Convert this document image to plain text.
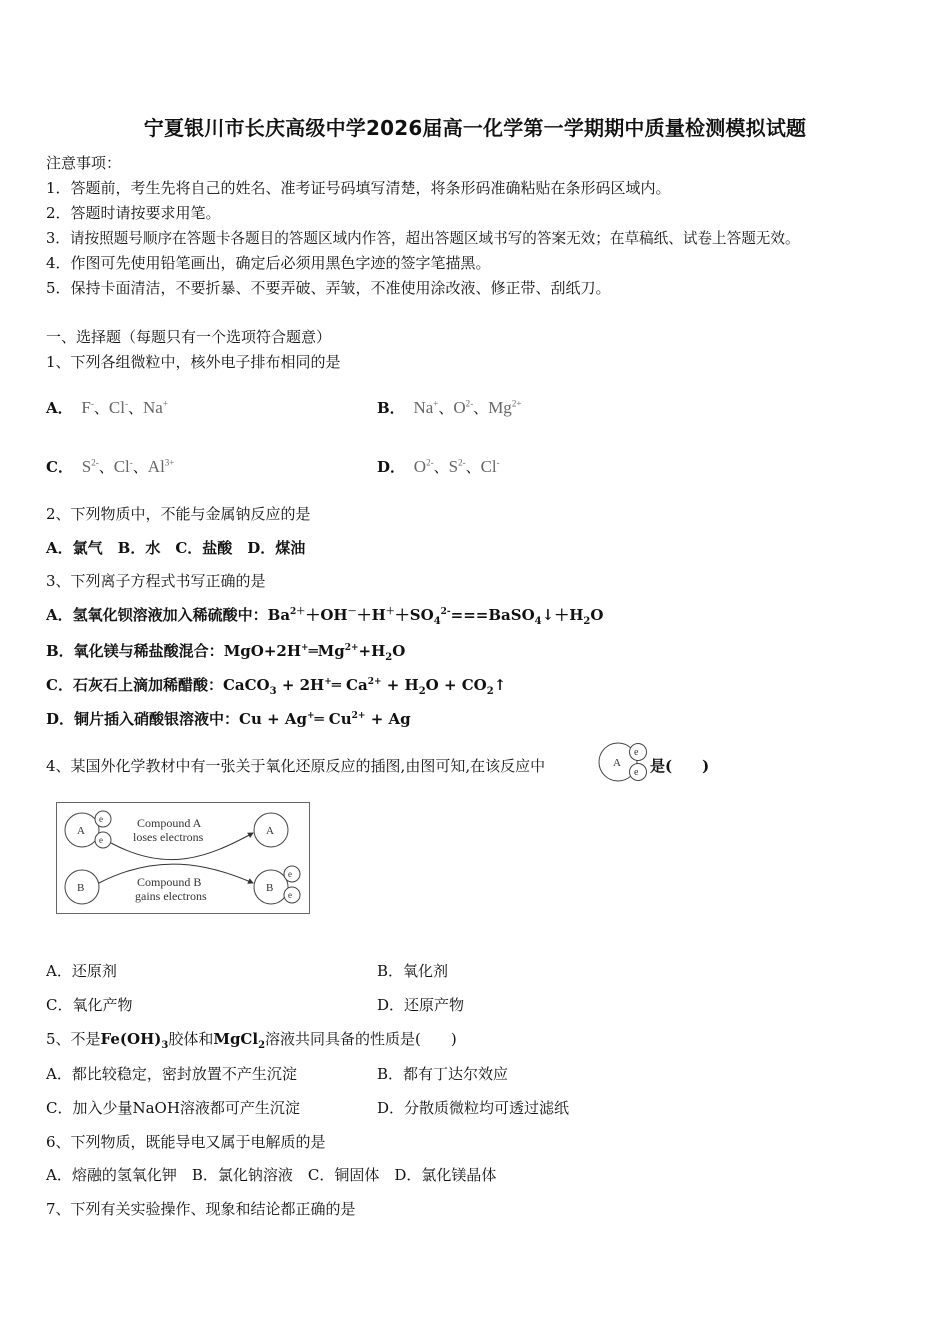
宁夏银川市长庆高级中学2026届高一化学第一学期期中质量检测模拟试题
注意事项：
1．答题前，考生先将自己的姓名、准考证号码填写清楚，将条形码准确粘贴在条形码区域内。
2．答题时请按要求用笔。
3．请按照题号顺序在答题卡各题目的答题区域内作答，超出答题区域书写的答案无效；在草稿纸、试卷上答题无效。
4．作图可先使用铅笔画出，确定后必须用黑色字迹的签字笔描黑。
5．保持卡面清洁，不要折暴、不要弄破、弄皱，不准使用涂改液、修正带、刮纸刀。
一、选择题（每题只有一个选项符合题意）
1、下列各组微粒中，核外电子排布相同的是
A． F-、Cl-、Na+	B． Na+、$O^{2-}$、$Mg^{2+}$
C． $S^{2-}$、Cl-、$Al^{3+}$	D． $O^{2-}$、$S^{2-}$、Cl-
2、下列物质中，不能与金属钠反应的是
A．氯气　B．水　C．盐酸　D．煤油
3、下列离子方程式书写正确的是
A．氢氧化钡溶液加入稀硫酸中：$Ba^{2+}+OH^-+H^++SO_4^{2-}===BaSO_4↓+H_2O$
B．氧化镁与稀盐酸混合：$MgO+2H^+═Mg^{2+}+H_2O$
C．石灰石上滴加稀醋酸：CaCO$_3$ + 2H+═ $Ca^{2+} + H_2O$ + $CO_2↑$
D．铜片插入硝酸银溶液中：Cu + Ag+═ $Cu^{2+} + Ag$
4、某国外化学教材中有一张关于氧化还原反应的插图,由图可知,在该反应中	A
e
e 是(　　)
A
e
e
A
B	B
e
e
Compound A
loses electrons
Compound B
gains electrons
A．还原剂	B．氧化剂
C．氧化产物	D．还原产物
5、不是$Fe(OH)_3$胶体和MgCl$_2$溶液共同具备的性质是(　　)
A．都比较稳定，密封放置不产生沉淀	B．都有丁达尔效应
C．加入少量NaOH溶液都可产生沉淀	D．分散质微粒均可透过滤纸
6、下列物质，既能导电又属于电解质的是
A．熔融的氢氧化钾　B．氯化钠溶液　C．铜固体　D．氯化镁晶体
7、下列有关实验操作、现象和结论都正确的是
